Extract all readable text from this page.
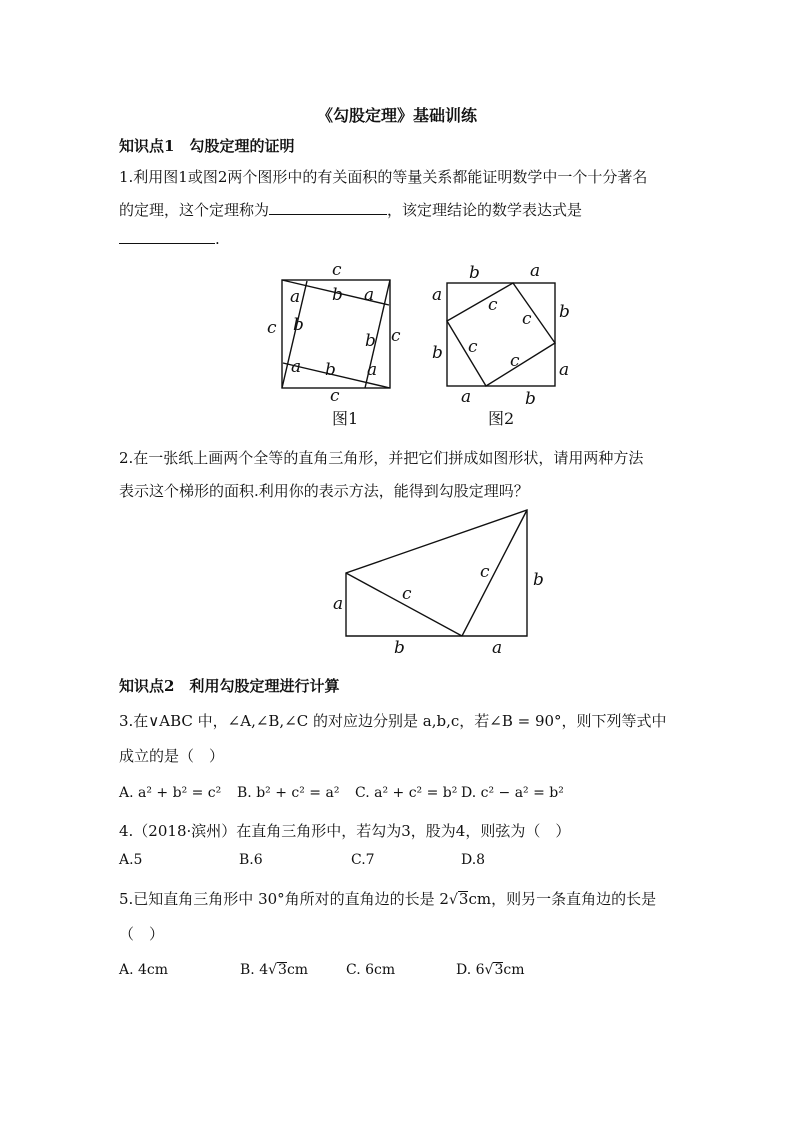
《勾股定理》基础训练
知识点1　勾股定理的证明
1.利用图1或图2两个图形中的有关面积的等量关系都能证明数学中一个十分著名
的定理，这个定理称为	，该定理结论的数学表达式是
.
c
c	c
c
a	a
a	a
b
b
b
b
图1
b	a
a
b
b
a
a	b
c
c
c
c
图2
2.在一张纸上画两个全等的直角三角形，并把它们拼成如图形状，请用两种方法
表示这个梯形的面积.利用你的表示方法，能得到勾股定理吗？
a
b
c
c	b
a
知识点2　利用勾股定理进行计算
3.在∨ABC 中，∠A,∠B,∠C 的对应边分别是 a,b,c，若∠B = 90°，则下列等式中
成立的是（　）
A. a² + b² = c² B. b² + c² = a² C. a² + c² = b² D. c² − a² = b²
4.（2018·滨州）在直角三角形中，若勾为3，股为4，则弦为（　）
A.5	B.6	C.7	D.8
5.已知直角三角形中 30°角所对的直角边的长是 2√3cm，则另一条直角边的长是
（　）
A. 4cm	B. 4√3cm	C. 6cm	D. 6√3cm
